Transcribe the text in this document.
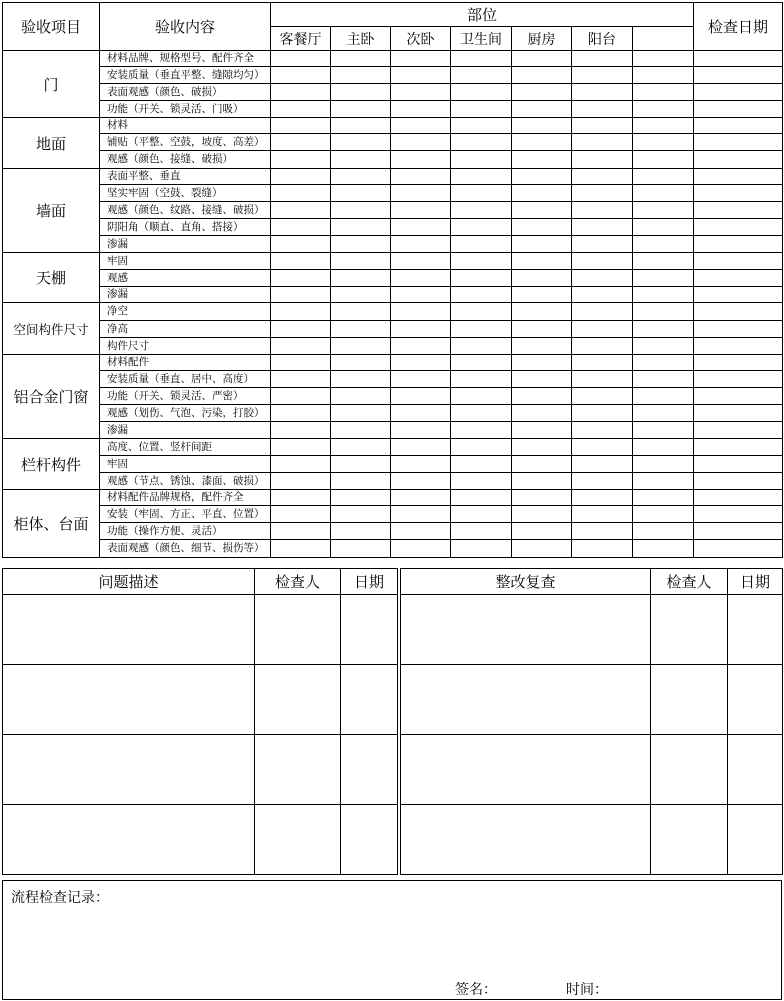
验收项目	验收内容	部位							检查日期
		客餐厅	主卧	次卧	卫生间	厨房	阳台		
门	材料品牌、规格型号、配件齐全								
	安装质量（垂直平整、缝隙均匀）								
	表面观感（颜色、破损）								
	功能（开关、锁灵活、门吸）								
地面	材料								
	铺贴（平整、空鼓，坡度、高差）								
	观感（颜色、接缝、破损）								
墙面	表面平整、垂直								
	坚实牢固（空鼓、裂缝）								
	观感（颜色、纹路、接缝、破损）								
	阴阳角（顺直、直角、搭接）								
	渗漏								
天棚	牢固								
	观感								
	渗漏								
空间构件尺寸	净空								
	净高								
	构件尺寸								
铝合金门窗	材料配件								
	安装质量（垂直、居中、高度）								
	功能（开关、锁灵活、严密）								
	观感（划伤、气泡、污染，打胶）								
	渗漏								
栏杆构件	高度、位置、竖杆间距								
	牢固								
	观感（节点、锈蚀、漆面、破损）								
柜体、台面	材料配件品牌规格，配件齐全								
	安装（牢固、方正、平直、位置）								
	功能（操作方便、灵活）								
	表面观感（颜色、细节、损伤等）								
问题描述	检查人	日期		整改复查	检查人	日期

流程检查记录：
签名：	时间：
